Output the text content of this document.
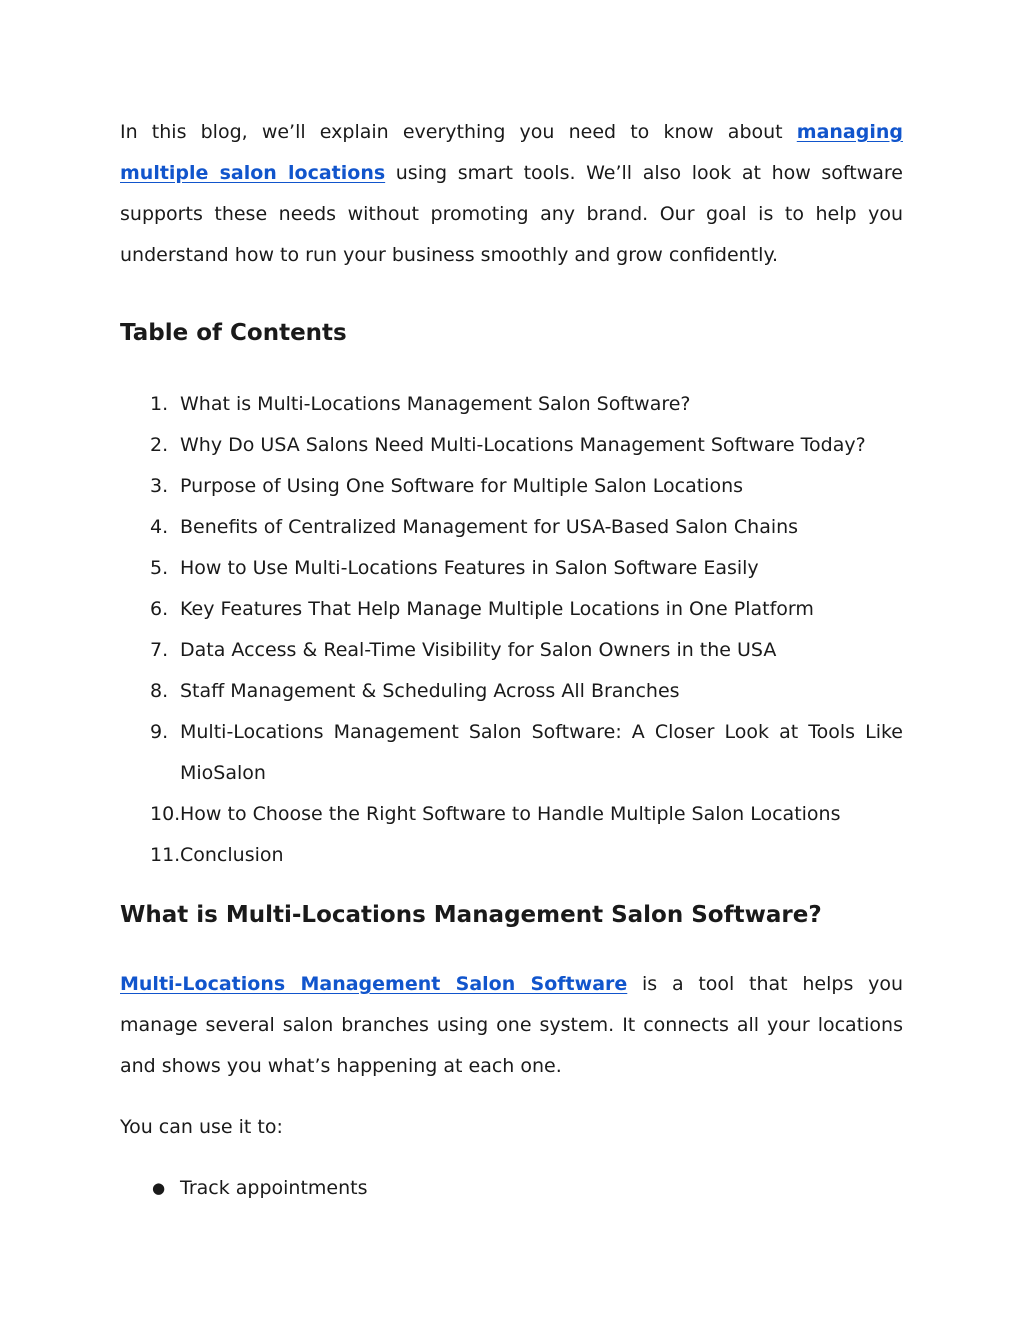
In this blog, we’ll explain everything you need to know about managing multiple salon locations using smart tools. We’ll also look at how software supports these needs without promoting any brand. Our goal is to help you understand how to run your business smoothly and grow confidently.

Table of Contents
1. What is Multi-Locations Management Salon Software?
2. Why Do USA Salons Need Multi-Locations Management Software Today?
3. Purpose of Using One Software for Multiple Salon Locations
4. Benefits of Centralized Management for USA-Based Salon Chains
5. How to Use Multi-Locations Features in Salon Software Easily
6. Key Features That Help Manage Multiple Locations in One Platform
7. Data Access & Real-Time Visibility for Salon Owners in the USA
8. Staff Management & Scheduling Across All Branches
9. Multi-Locations Management Salon Software: A Closer Look at Tools Like MioSalon
10. How to Choose the Right Software to Handle Multiple Salon Locations
11. Conclusion
What is Multi-Locations Management Salon Software?

Multi-Locations Management Salon Software is a tool that helps you manage several salon branches using one system. It connects all your locations and shows you what’s happening at each one.

You can use it to:

● Track appointments
